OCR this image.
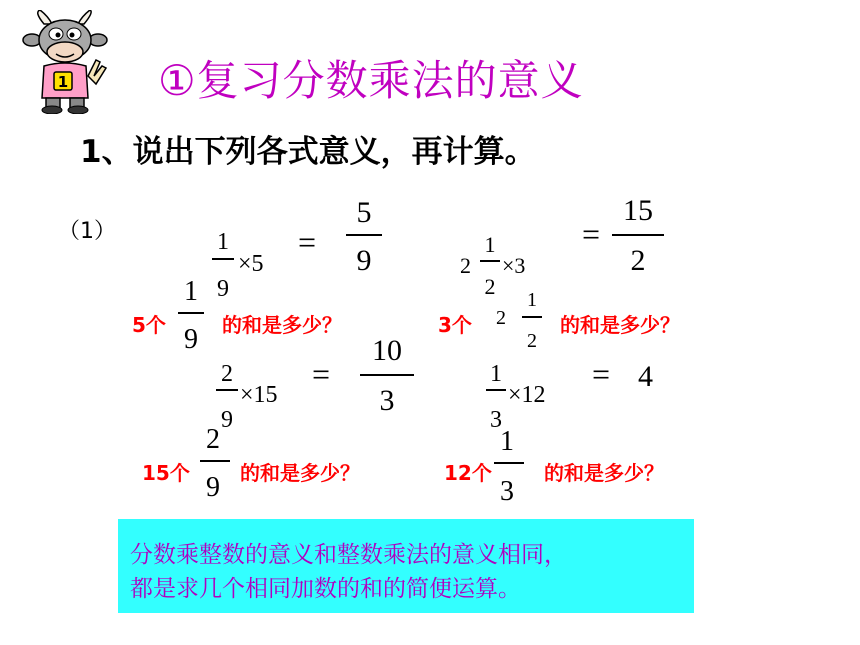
1 ①复习分数乘法的意义
1、说出下列各式意义，再计算。
（1）	1
9
×5
=
5
9	2
1
2
×3
=
15
2
5个
1
9	的和是多少？	3个 2
1
2
的和是多少？
2
9
×15
=
10
3
1
3
×12
= 4
15个
2
9	的和是多少？	12个
1
3
的和是多少？
分数乘整数的意义和整数乘法的意义相同，
都是求几个相同加数的和的简便运算。
